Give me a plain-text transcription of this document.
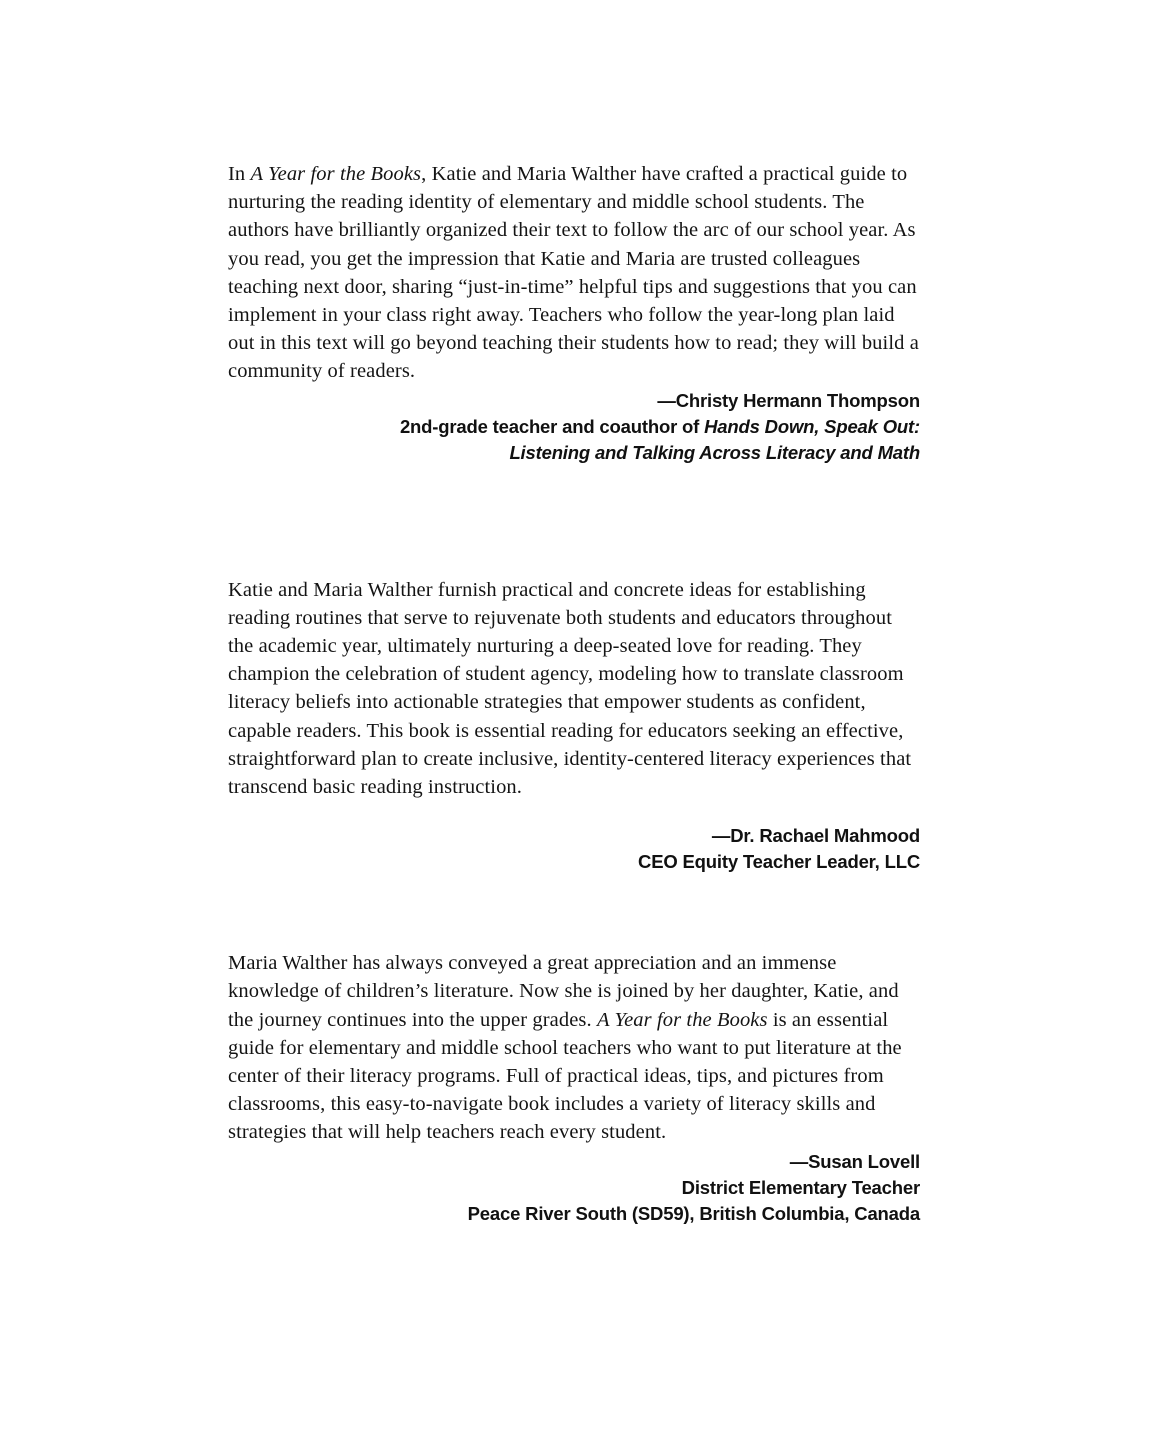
In A Year for the Books, Katie and Maria Walther have crafted a practical guide to nurturing the reading identity of elementary and middle school students. The authors have brilliantly organized their text to follow the arc of our school year. As you read, you get the impression that Katie and Maria are trusted colleagues teaching next door, sharing “just-in-time” helpful tips and suggestions that you can implement in your class right away. Teachers who follow the year-long plan laid out in this text will go beyond teaching their students how to read; they will build a community of readers.

—Christy Hermann Thompson
2nd-grade teacher and coauthor of Hands Down, Speak Out:
Listening and Talking Across Literacy and Math

Katie and Maria Walther furnish practical and concrete ideas for establishing reading routines that serve to rejuvenate both students and educators throughout the academic year, ultimately nurturing a deep-seated love for reading. They champion the celebration of student agency, modeling how to translate classroom literacy beliefs into actionable strategies that empower students as confident, capable readers. This book is essential reading for educators seeking an effective, straightforward plan to create inclusive, identity-centered literacy experiences that transcend basic reading instruction.

—Dr. Rachael Mahmood
CEO Equity Teacher Leader, LLC

Maria Walther has always conveyed a great appreciation and an immense knowledge of children’s literature. Now she is joined by her daughter, Katie, and the journey continues into the upper grades. A Year for the Books is an essential guide for elementary and middle school teachers who want to put literature at the center of their literacy programs. Full of practical ideas, tips, and pictures from classrooms, this easy-to-navigate book includes a variety of literacy skills and strategies that will help teachers reach every student.

—Susan Lovell
District Elementary Teacher
Peace River South (SD59), British Columbia, Canada
